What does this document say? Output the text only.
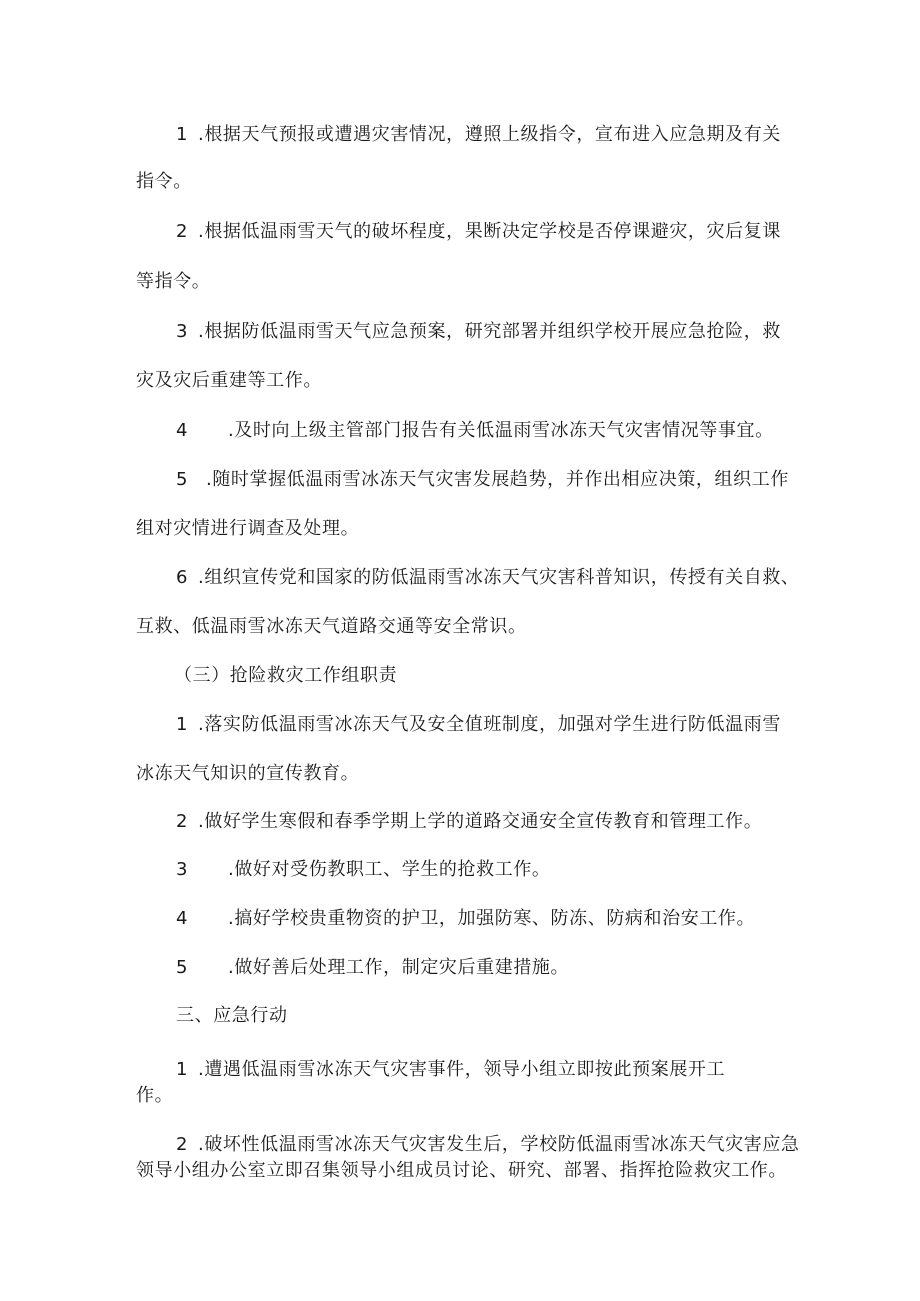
1 .根据天气预报或遭遇灾害情况，遵照上级指令，宣布进入应急期及有关
指令。
2 .根据低温雨雪天气的破坏程度，果断决定学校是否停课避灾，灾后复课
等指令。
3 .根据防低温雨雪天气应急预案，研究部署并组织学校开展应急抢险，救
灾及灾后重建等工作。
4 .及时向上级主管部门报告有关低温雨雪冰冻天气灾害情况等事宜。
5 .随时掌握低温雨雪冰冻天气灾害发展趋势，并作出相应决策，组织工作
组对灾情进行调查及处理。
6 .组织宣传党和国家的防低温雨雪冰冻天气灾害科普知识，传授有关自救、
互救、低温雨雪冰冻天气道路交通等安全常识。
（三）抢险救灾工作组职责
1 .落实防低温雨雪冰冻天气及安全值班制度，加强对学生进行防低温雨雪
冰冻天气知识的宣传教育。
2 .做好学生寒假和春季学期上学的道路交通安全宣传教育和管理工作。
3 .做好对受伤教职工、学生的抢救工作。
4 .搞好学校贵重物资的护卫，加强防寒、防冻、防病和治安工作。
5 .做好善后处理工作，制定灾后重建措施。
三、应急行动
1 .遭遇低温雨雪冰冻天气灾害事件，领导小组立即按此预案展开工
作。
2 .破坏性低温雨雪冰冻天气灾害发生后，学校防低温雨雪冰冻天气灾害应急
领导小组办公室立即召集领导小组成员讨论、研究、部署、指挥抢险救灾工作。
